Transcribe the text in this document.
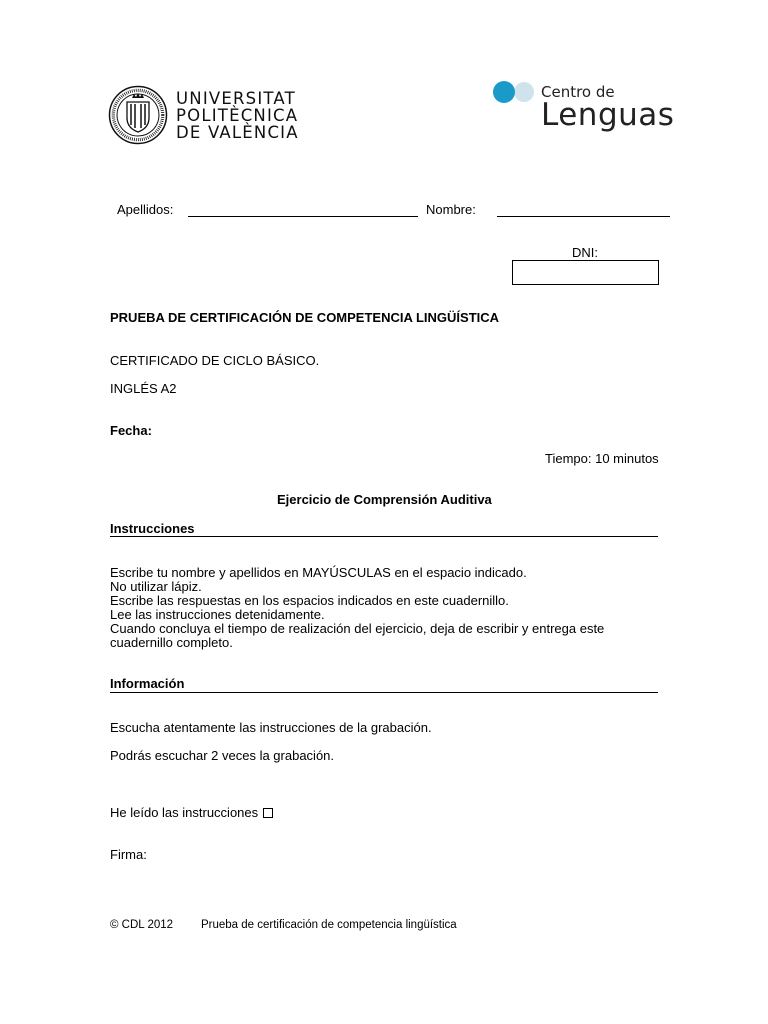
UNIVERSITAT
POLITÈCNICA
DE VALÈNCIA
Centro de
Lenguas
Apellidos:	Nombre:
DNI:
PRUEBA DE CERTIFICACIÓN DE COMPETENCIA LINGÜÍSTICA
CERTIFICADO DE CICLO BÁSICO.
INGLÉS A2
Fecha:
Tiempo: 10 minutos
Ejercicio de Comprensión Auditiva
Instrucciones
Escribe tu nombre y apellidos en MAYÚSCULAS en el espacio indicado.
No utilizar lápiz.
Escribe las respuestas en los espacios indicados en este cuadernillo.
Lee las instrucciones detenidamente.
Cuando concluya el tiempo de realización del ejercicio, deja de escribir y entrega este
cuadernillo completo.
Información
Escucha atentamente las instrucciones de la grabación.
Podrás escuchar 2 veces la grabación.
He leído las instrucciones
Firma:
© CDL 2012 Prueba de certificación de competencia lingüística
